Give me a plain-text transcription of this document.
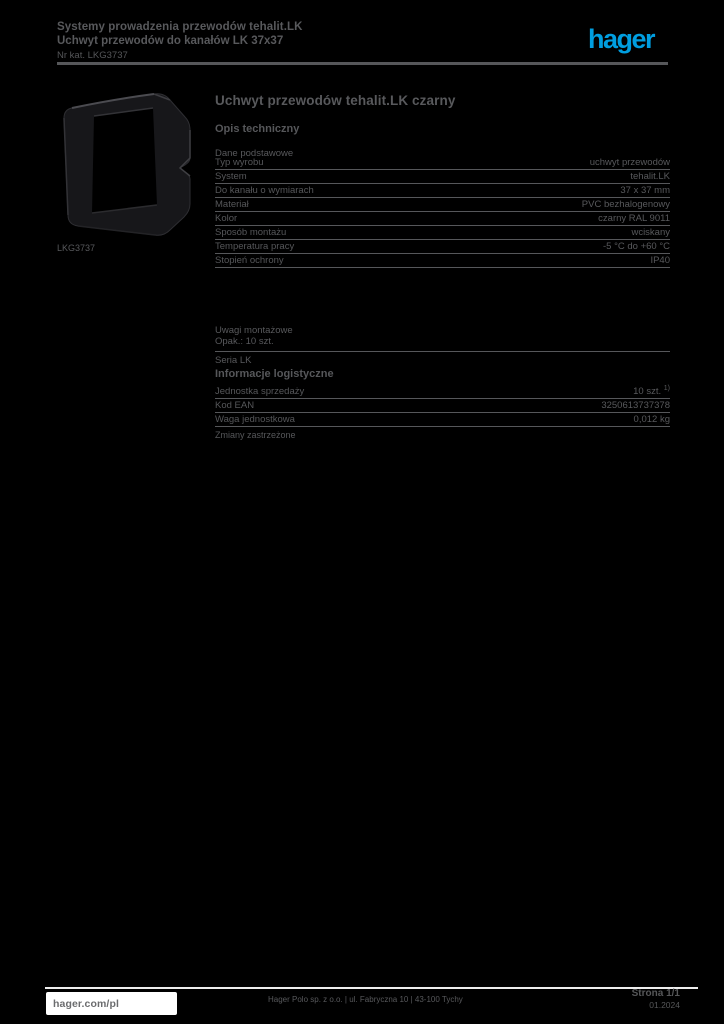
Systemy prowadzenia przewodów tehalit.LK
Uchwyt przewodów do kanałów LK 37x37
Nr kat. LKG3737
hager
LKG3737
Uchwyt przewodów tehalit.LK czarny
Opis techniczny
Dane podstawowe
Typ wyrobu	uchwyt przewodów
System	tehalit.LK
Do kanału o wymiarach	37 x 37 mm
Materiał	PVC bezhalogenowy
Kolor	czarny RAL 9011
Sposób montażu	wciskany
Temperatura pracy	-5 °C do +60 °C
Stopień ochrony	IP40
Uwagi montażowe
Opak.: 10 szt.
Seria LK
Informacje logistyczne
Jednostka sprzedaży	10 szt. $^{1)}$
Kod EAN	3250613737378
Waga jednostkowa	0,012 kg
Zmiany zastrzeżone
hager.com/pl	Hager Polo sp. z o.o. | ul. Fabryczna 10 | 43-100 Tychy
Strona 1/1
01.2024
